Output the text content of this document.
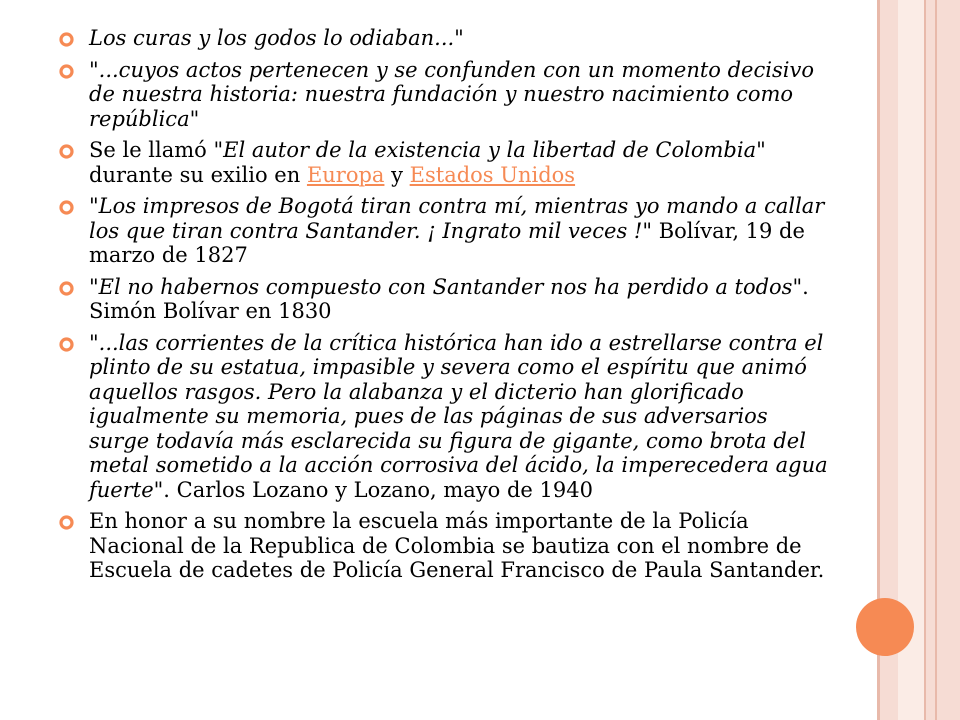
Los curas y los godos lo odiaban..."
"...cuyos actos pertenecen y se confunden con un momento decisivo de nuestra historia: nuestra fundación y nuestro nacimiento como república"
Se le llamó "El autor de la existencia y la libertad de Colombia" durante su exilio en Europa y Estados Unidos
"Los impresos de Bogotá tiran contra mí, mientras yo mando a callar los que tiran contra Santander. ¡ Ingrato mil veces !" Bolívar, 19 de marzo de 1827
"El no habernos compuesto con Santander nos ha perdido a todos". Simón Bolívar en 1830
"...las corrientes de la crítica histórica han ido a estrellarse contra el plinto de su estatua, impasible y severa como el espíritu que animó aquellos rasgos. Pero la alabanza y el dicterio han glorificado igualmente su memoria, pues de las páginas de sus adversarios surge todavía más esclarecida su figura de gigante, como brota del metal sometido a la acción corrosiva del ácido, la imperecedera agua fuerte". Carlos Lozano y Lozano, mayo de 1940
En honor a su nombre la escuela más importante de la Policía Nacional de la Republica de Colombia se bautiza con el nombre de Escuela de cadetes de Policía General Francisco de Paula Santander.
